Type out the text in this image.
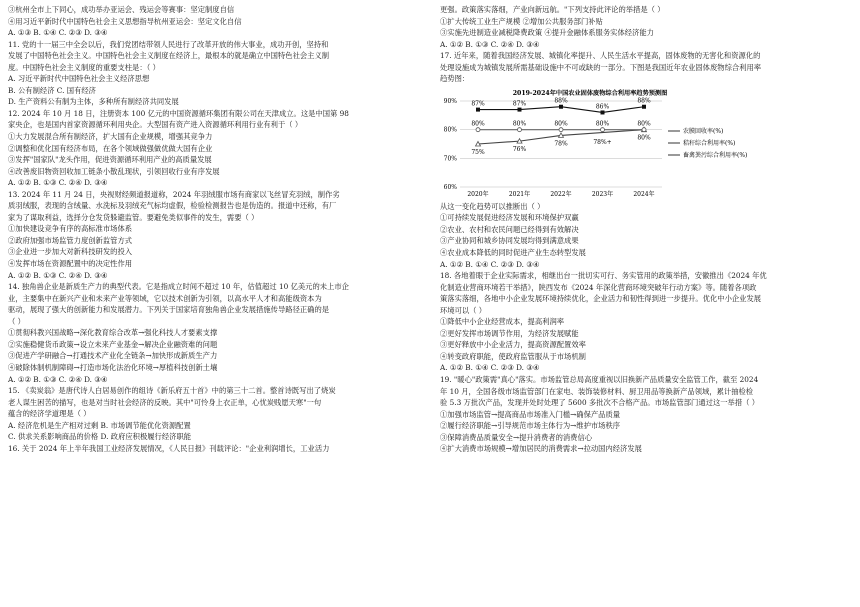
③杭州全市上下同心，成功举办亚运会、残运会等赛事：坚定制度自信
④用习近平新时代中国特色社会主义思想指导杭州亚运会：坚定文化自信
A. ①③ B. ①④ C. ②③ D. ③④
11. 党的十一届三中全会以后，我们党团结带领人民进行了改革开放的伟大事业，成功开创，坚持和
发展了中国特色社会主义。中国特色社会主义制度在经济上，最根本的就是确立中国特色社会主义制
度。中国特色社会主义制度的重要支柱是：（ ）
A. 习近平新时代中国特色社会主义经济思想
B. 公有制经济 C. 国有经济
D. 生产资料公有制为主体，多种所有制经济共同发展
12. 2024 年 10 月 18 日，注册资本 100 亿元的中国资源循环集团有限公司在天津成立。这是中国第 98
家央企，也是国内首家资源循环利用央企。大型国有资产进入资源循环利用行业有利于（ ）
①大力发展混合所有制经济，扩大国有企业规模，增强其竞争力
②调整和优化国有经济布局，在各个领域做强做优做大国有企业
③发挥"国家队"龙头作用，促进资源循环利用产业的高质量发展
④改善废旧物资回收加工链条小散乱现状，引领回收行业有序发展
A. ①② B. ①③ C. ②④ D. ③④
13. 2024 年 11 月 24 日，央视财经频道报道称，2024 年羽绒服市场有商家以飞丝冒充羽绒，制作劣
质羽绒服，表现的含绒量、水洗标及羽绒充气标均虚假，检验检测报告也是伪造的。报道中还称，有厂
家为了谋取利益，选择分仓发货躲避监管。要避免类似事件的发生，需要（ ）
①加快建设竞争有序的高标准市场体系
②政府加强市场监管力度创新监管方式
③企业进一步加大对新科技研发的投入
④发挥市场在资源配置中的决定性作用
A. ①② B. ①③ C. ②④ D. ③④
14. 独角兽企业是新质生产力的典型代表。它是指成立时间不超过 10 年，估值超过 10 亿美元的未上市企
业，主要集中在新兴产业和未来产业等领域，它以技术创新为引领，以高水平人才和高能级资本为
驱动，展现了强大的创新能力和发展潜力。下列关于国家培育独角兽企业发展措施传导路径正确的是
（ ）
①贯彻科教兴国战略→深化教育综合改革→强化科技人才要素支撑
②实施稳健货币政策→设立未来产业基金→解决企业融资难的问题
③促进产学研融合→打通技术产业化全链条→加快形成新质生产力
④破除体制机制障碍→打造市场化法治化环境→厚植科技创新土壤
A. ①② B. ①③ C. ②④ D. ③④
15. 《卖炭翁》是唐代诗人白居易创作的组诗《新乐府五十首》中的第三十二首。整首诗既写出了烧炭
老人谋生困苦的描写，也是对当时社会经济的反映。其中"可怜身上衣正单，心忧炭贱愿天寒"一句
蕴含的经济学道理是（ ）
A. 经济危机是生产相对过剩 B. 市场调节能优化资源配置
C. 供求关系影响商品的价格 D. 政府应积极履行经济职能
16. 关于 2024 年上半年我国工业经济发展情况，《人民日报》刊载评论："企业利润增长，工业活力
更强。政策落实落细，产业向新远航。"下列支持此评论的举措是（ ）
①扩大传统工业生产规模 ②增加公共服务部门补贴
③实施先进制造业减税降费政策 ④提升金融体系服务实体经济能力
A. ①② B. ①③ C. ②④ D. ③④
17. 近年来，随着我国经济发展、城镇化率提升、人民生活水平提高，固体废物的无害化和资源化的
处理设施成为城镇发展所需基础设施中不可或缺的一部分。下图是我国近年农业固体废物综合利用率
趋势图：
2019-2024年中国农业固体废物综合利用率趋势预测图
90%
80%
70%
60%
2020年	2021年	2022年	2023年	2024年
75%	76%
78%	78%+
80%
87%	87%	88%
86%
88%
80%	80%	80%	80%	80%
农膜回收率(%)
秸秆综合利用率(%)
畜禽粪污综合利用率(%)
从这一变化趋势可以推断出（ ）
①可持续发展促进经济发展和环境保护双赢
②农业、农村和农民问题已经得到有效解决
③产业协同和城乡协同发展均得到满意成果
④农业成本降低的同时促进产业生态转型发展
A. ①② B. ①④ C. ②③ D. ③④
18. 各地着眼于企业实际需求，相继出台一批切实可行、务实管用的政策举措，安徽推出《2024 年优
化制造业营商环境若干举措》，陕西发布《2024 年深化营商环境突破年行动方案》等。随着各项政
策落实落细，各地中小企业发展环境持续优化，企业活力和韧性得到进一步提升。优化中小企业发展
环境可以（ ）
①降低中小企业经营成本，提高利润率
②更好发挥市场调节作用，为经济发展赋能
③更好释放中小企业活力，提高资源配置效率
④转变政府职能，使政府监管服从于市场机制
A. ①② B. ①④ C. ②③ D. ③④
19. "暖心"政策需"真心"落实。市场监管总局高度重视以旧换新产品质量安全监管工作，截至 2024
年 10 月，全国各级市场监管部门在家电、装饰装修材料、厨卫用品等换新产品领域，累计抽检检
验 5.3 万批次产品，发现并处时处理了 5600 多批次不合格产品。市场监管部门通过这一举措（ ）
①加强市场监管→提高商品市场准入门槛→确保产品质量
②履行经济职能→引导规范市场主体行为→维护市场秩序
③保障消费品质量安全→提升消费者的消费信心
④扩大消费市场规模→增加居民的消费需求→拉动国内经济发展
